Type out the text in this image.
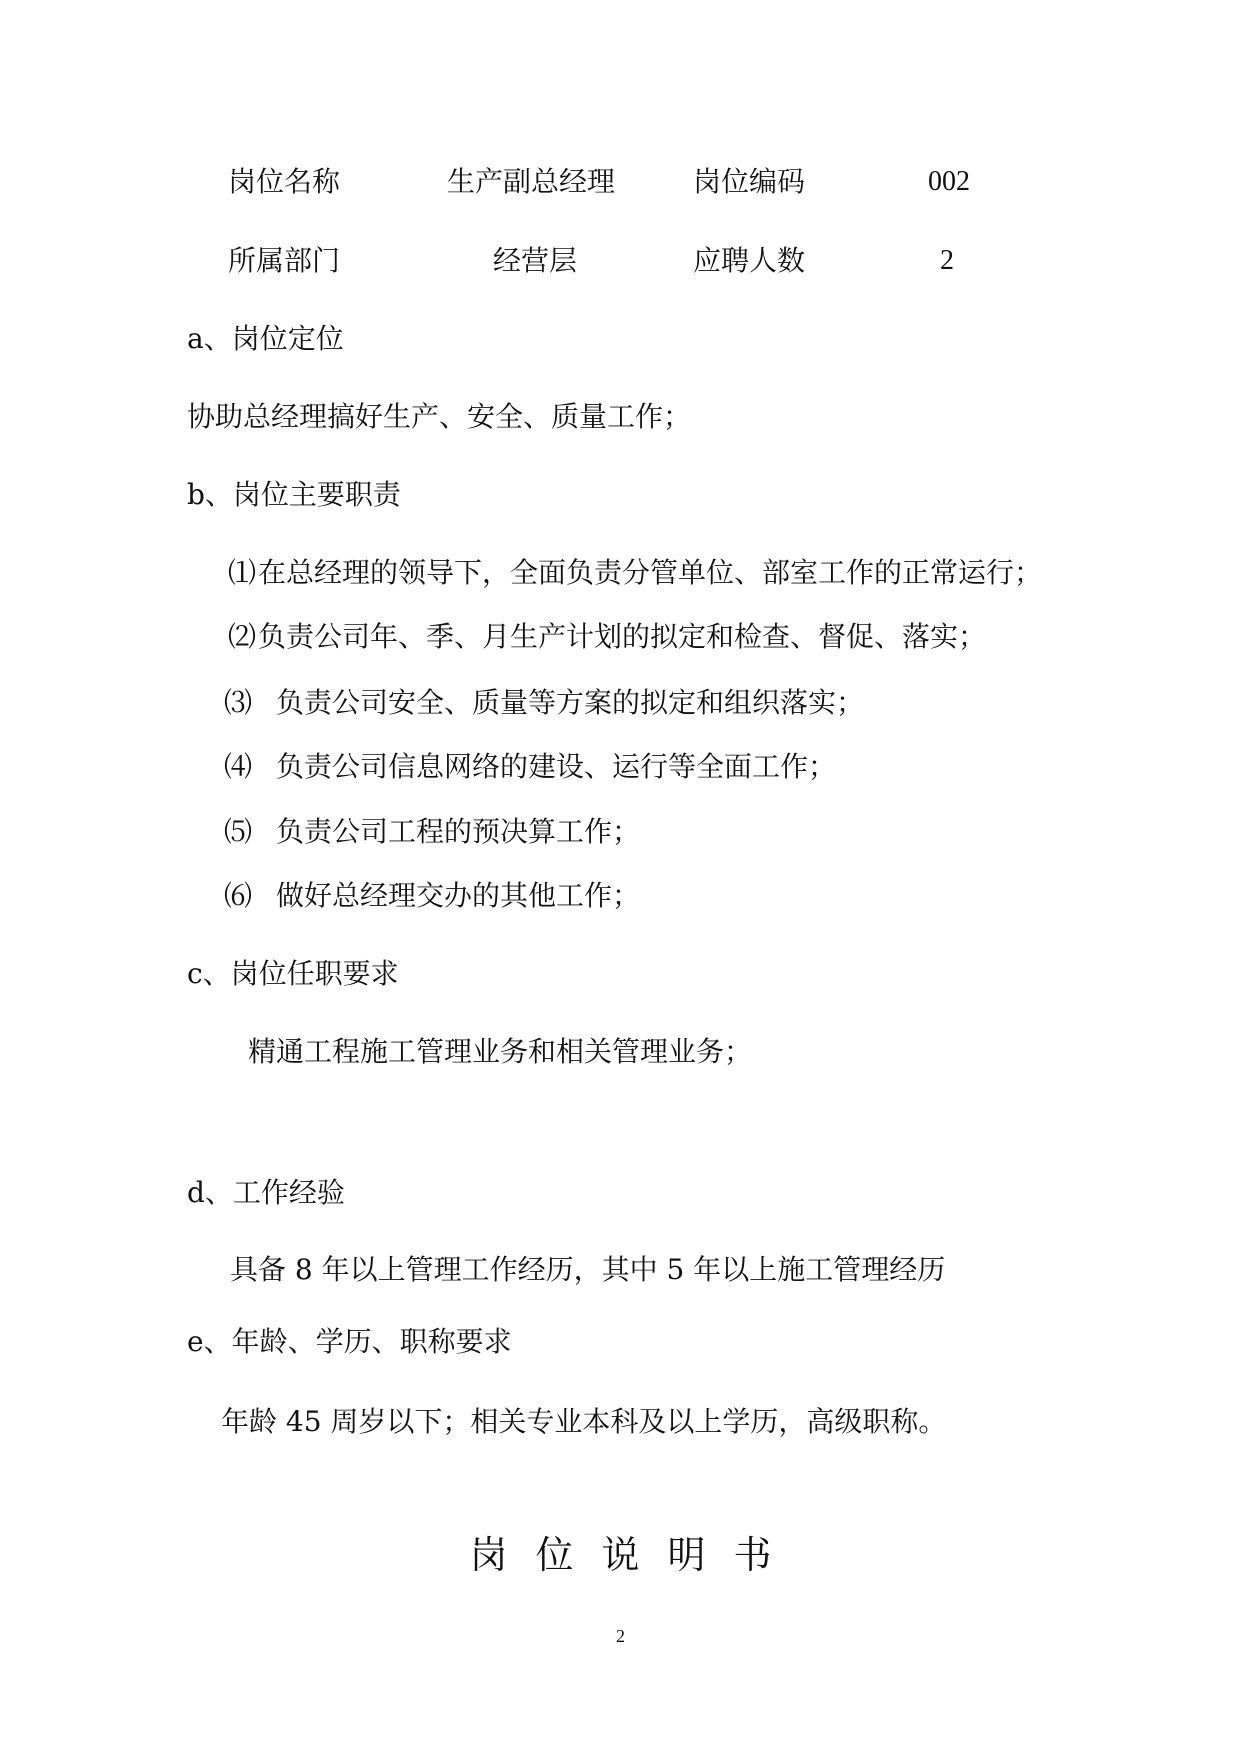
岗位名称	生产副总经理	岗位编码	002
所属部门	经营层	应聘人数	2
a、岗位定位
协助总经理搞好生产、安全、质量工作；
b、岗位主要职责
⑴ 在总经理的领导下，全面负责分管单位、部室工作的正常运行；
⑵ 负责公司年、季、月生产计划的拟定和检查、督促、落实；
⑶ 负责公司安全、质量等方案的拟定和组织落实；
⑷ 负责公司信息网络的建设、运行等全面工作；
⑸ 负责公司工程的预决算工作；
⑹ 做好总经理交办的其他工作；
c、岗位任职要求
精通工程施工管理业务和相关管理业务；
d、工作经验
具备 8 年以上管理工作经历，其中 5 年以上施工管理经历
e、年龄、学历、职称要求
年龄 45 周岁以下；相关专业本科及以上学历，高级职称。
岗位说明书
2
